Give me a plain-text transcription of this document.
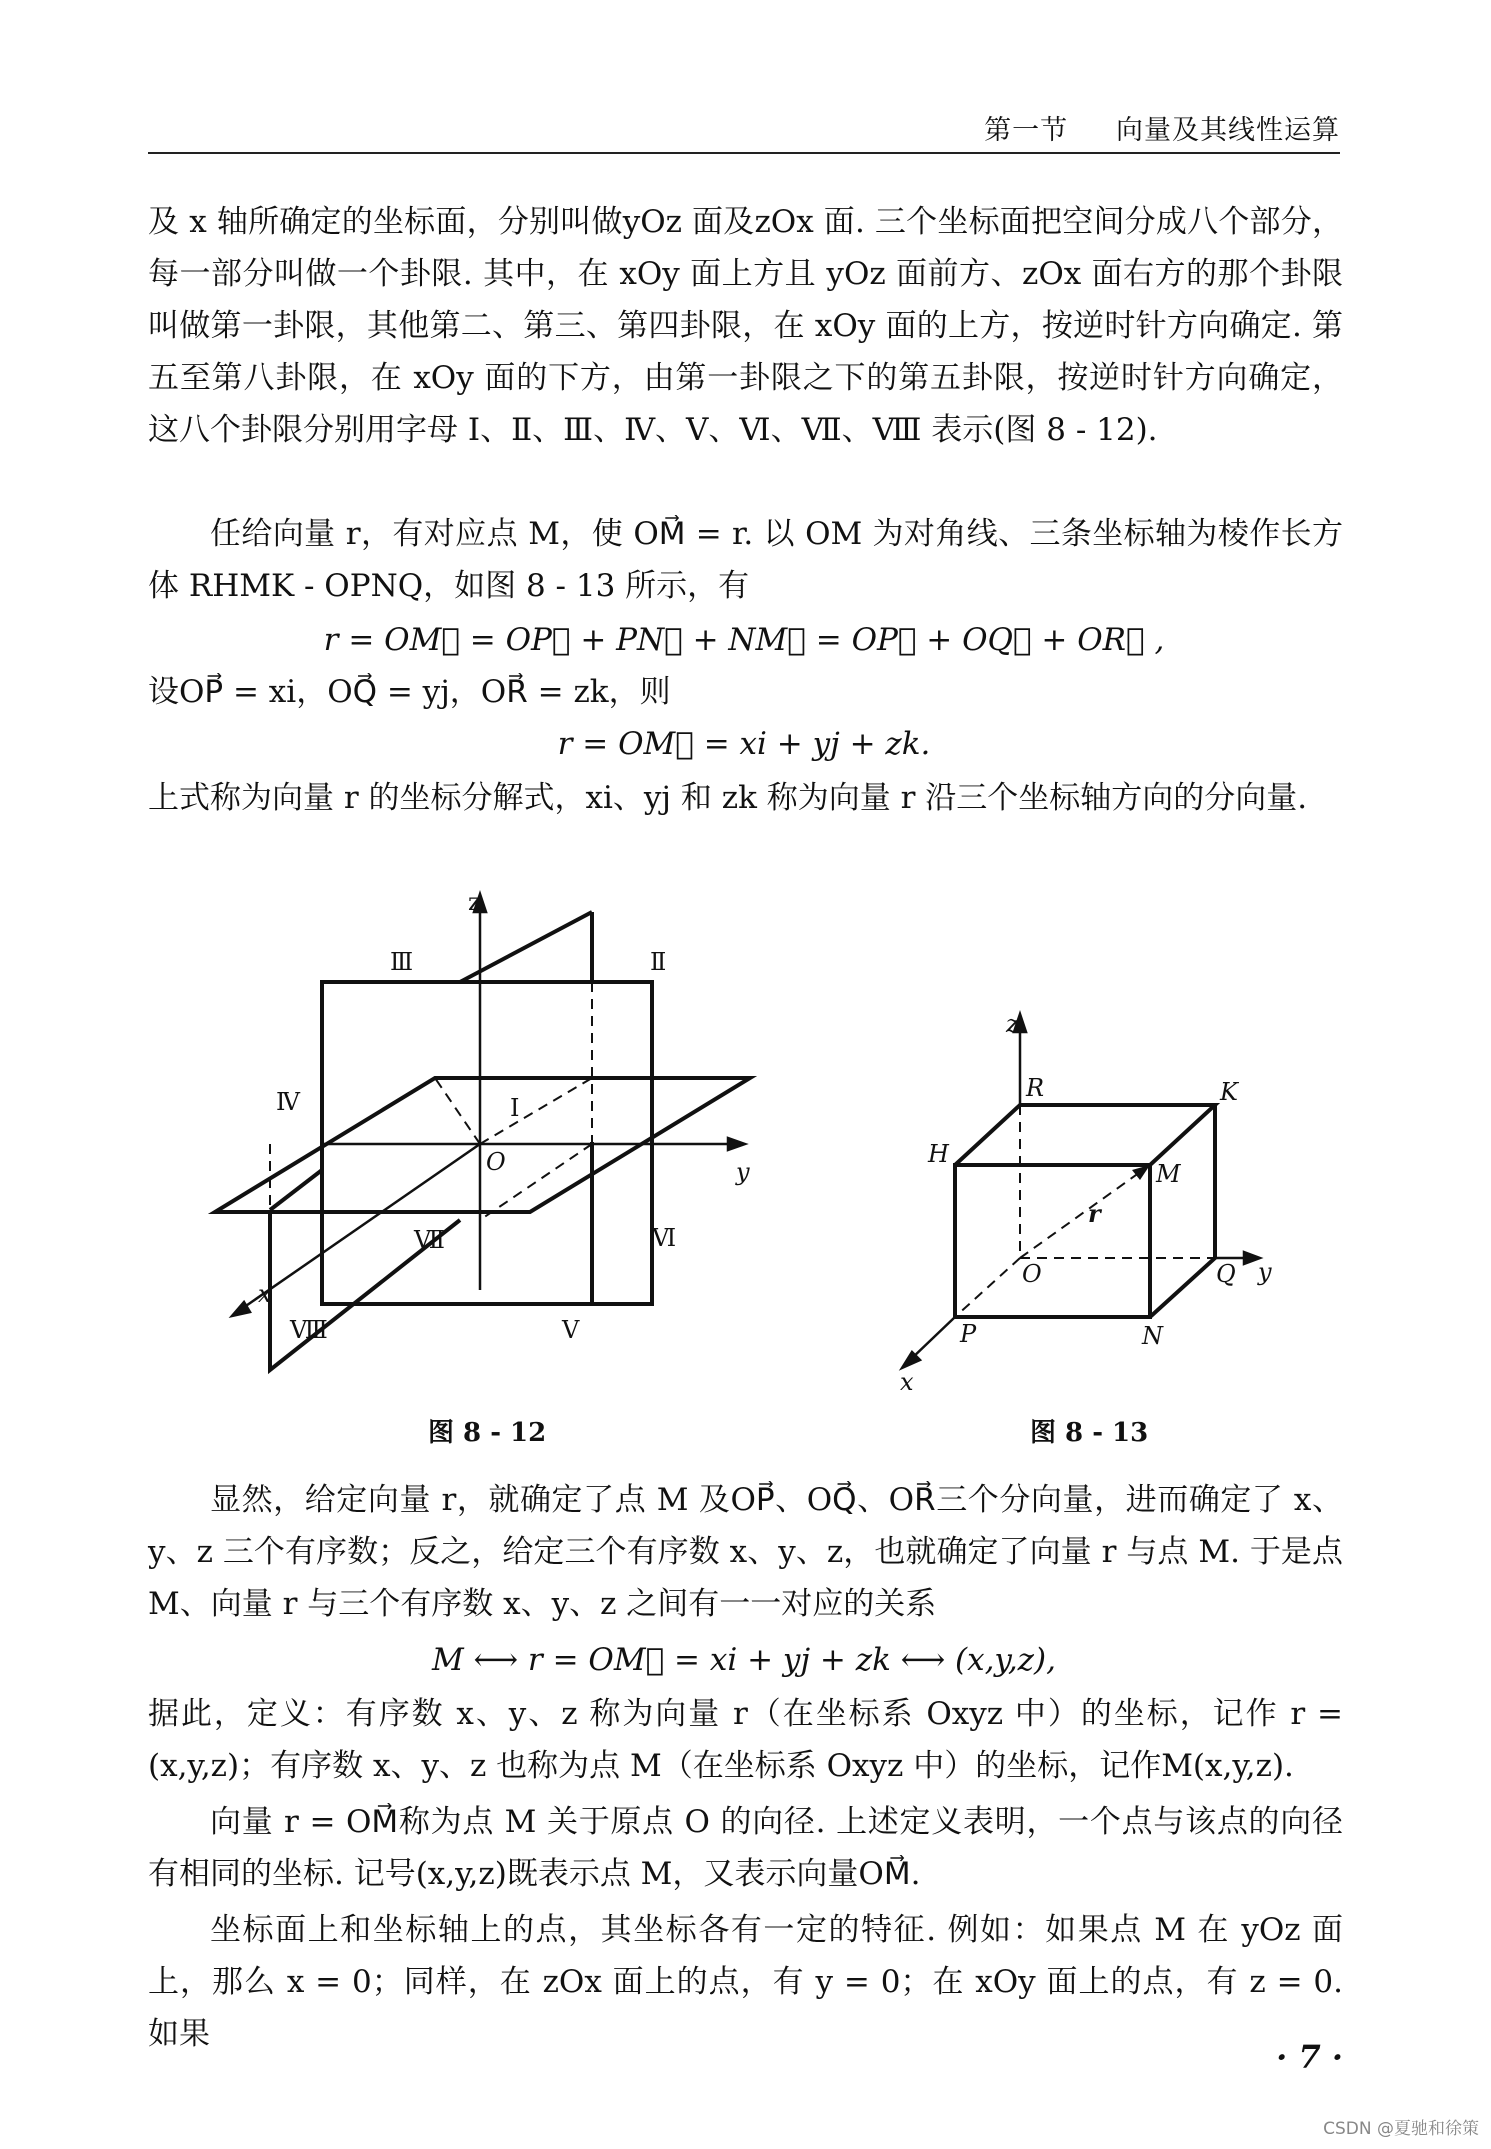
第一节 向量及其线性运算

及 x 轴所确定的坐标面，分别叫做yOz 面及zOx 面. 三个坐标面把空间分成八个部分，每一部分叫做一个卦限. 其中，在 xOy 面上方且 yOz 面前方、zOx 面右方的那个卦限叫做第一卦限，其他第二、第三、第四卦限，在 xOy 面的上方，按逆时针方向确定. 第五至第八卦限，在 xOy 面的下方，由第一卦限之下的第五卦限，按逆时针方向确定，这八个卦限分别用字母 Ⅰ、Ⅱ、Ⅲ、Ⅳ、Ⅴ、Ⅵ、Ⅶ、Ⅷ 表示(图 8 - 12).

任给向量 r，有对应点 M，使 OM⃗ = r. 以 OM 为对角线、三条坐标轴为棱作长方体 RHMK - OPNQ，如图 8 - 13 所示，有

r = OM⃗ = OP⃗ + PN⃗ + NM⃗ = OP⃗ + OQ⃗ + OR⃗ ,

设OP⃗ = xi，OQ⃗ = yj，OR⃗ = zk，则

r = OM⃗ = xi + yj + zk.

上式称为向量 r 的坐标分解式，xi、yj 和 zk 称为向量 r 沿三个坐标轴方向的分向量.

z
y
x
O
Ⅰ
Ⅱ
Ⅲ
Ⅳ
Ⅴ
Ⅵ
Ⅶ
Ⅷ
图 8 - 12
z
y
x
O
R	K
H
M
P	N
Q
r
图 8 - 13

显然，给定向量 r，就确定了点 M 及OP⃗、OQ⃗、OR⃗三个分向量，进而确定了 x、y、z 三个有序数；反之，给定三个有序数 x、y、z，也就确定了向量 r 与点 M. 于是点 M、向量 r 与三个有序数 x、y、z 之间有一一对应的关系

M ⟷ r = OM⃗ = xi + yj + zk ⟷ (x,y,z),

据此，定义：有序数 x、y、z 称为向量 r（在坐标系 Oxyz 中）的坐标，记作 r = (x,y,z)；有序数 x、y、z 也称为点 M（在坐标系 Oxyz 中）的坐标，记作M(x,y,z).

向量 r = OM⃗称为点 M 关于原点 O 的向径. 上述定义表明，一个点与该点的向径有相同的坐标. 记号(x,y,z)既表示点 M，又表示向量OM⃗.

坐标面上和坐标轴上的点，其坐标各有一定的特征. 例如：如果点 M 在 yOz 面上，那么 x = 0；同样，在 zOx 面上的点，有 y = 0；在 xOy 面上的点，有 z = 0. 如果

· 7 ·
CSDN @夏驰和徐策
